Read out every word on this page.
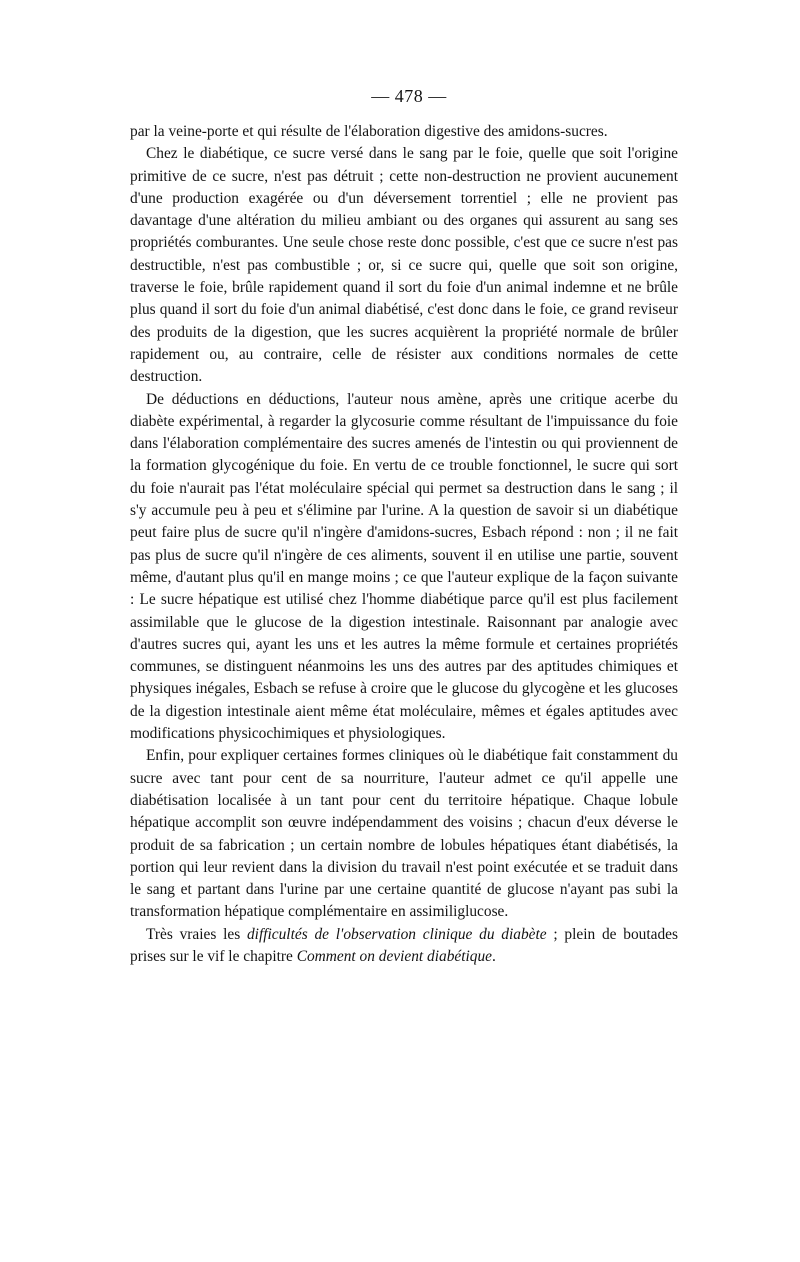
— 478 —

par la veine-porte et qui résulte de l'élaboration digestive des amidons-sucres.

Chez le diabétique, ce sucre versé dans le sang par le foie, quelle que soit l'origine primitive de ce sucre, n'est pas détruit ; cette non-destruction ne provient aucunement d'une production exagérée ou d'un déversement torrentiel ; elle ne provient pas davantage d'une altération du milieu ambiant ou des organes qui assurent au sang ses propriétés comburantes. Une seule chose reste donc possible, c'est que ce sucre n'est pas destructible, n'est pas combustible ; or, si ce sucre qui, quelle que soit son origine, traverse le foie, brûle rapidement quand il sort du foie d'un animal indemne et ne brûle plus quand il sort du foie d'un animal diabétisé, c'est donc dans le foie, ce grand reviseur des produits de la digestion, que les sucres acquièrent la propriété normale de brûler rapidement ou, au contraire, celle de résister aux conditions normales de cette destruction.

De déductions en déductions, l'auteur nous amène, après une critique acerbe du diabète expérimental, à regarder la glycosurie comme résultant de l'impuissance du foie dans l'élaboration complémentaire des sucres amenés de l'intestin ou qui proviennent de la formation glycogénique du foie. En vertu de ce trouble fonctionnel, le sucre qui sort du foie n'aurait pas l'état moléculaire spécial qui permet sa destruction dans le sang ; il s'y accumule peu à peu et s'élimine par l'urine. A la question de savoir si un diabétique peut faire plus de sucre qu'il n'ingère d'amidons-sucres, Esbach répond : non ; il ne fait pas plus de sucre qu'il n'ingère de ces aliments, souvent il en utilise une partie, souvent même, d'autant plus qu'il en mange moins ; ce que l'auteur explique de la façon suivante : Le sucre hépatique est utilisé chez l'homme diabétique parce qu'il est plus facilement assimilable que le glucose de la digestion intestinale. Raisonnant par analogie avec d'autres sucres qui, ayant les uns et les autres la même formule et certaines propriétés communes, se distinguent néanmoins les uns des autres par des aptitudes chimiques et physiques inégales, Esbach se refuse à croire que le glucose du glycogène et les glucoses de la digestion intestinale aient même état moléculaire, mêmes et égales aptitudes avec modifications physicochimiques et physiologiques.

Enfin, pour expliquer certaines formes cliniques où le diabétique fait constamment du sucre avec tant pour cent de sa nourriture, l'auteur admet ce qu'il appelle une diabétisation localisée à un tant pour cent du territoire hépatique. Chaque lobule hépatique accomplit son œuvre indépendamment des voisins ; chacun d'eux déverse le produit de sa fabrication ; un certain nombre de lobules hépatiques étant diabétisés, la portion qui leur revient dans la division du travail n'est point exécutée et se traduit dans le sang et partant dans l'urine par une certaine quantité de glucose n'ayant pas subi la transformation hépatique complémentaire en assimiliglucose.

Très vraies les difficultés de l'observation clinique du diabète ; plein de boutades prises sur le vif le chapitre Comment on devient diabétique.
